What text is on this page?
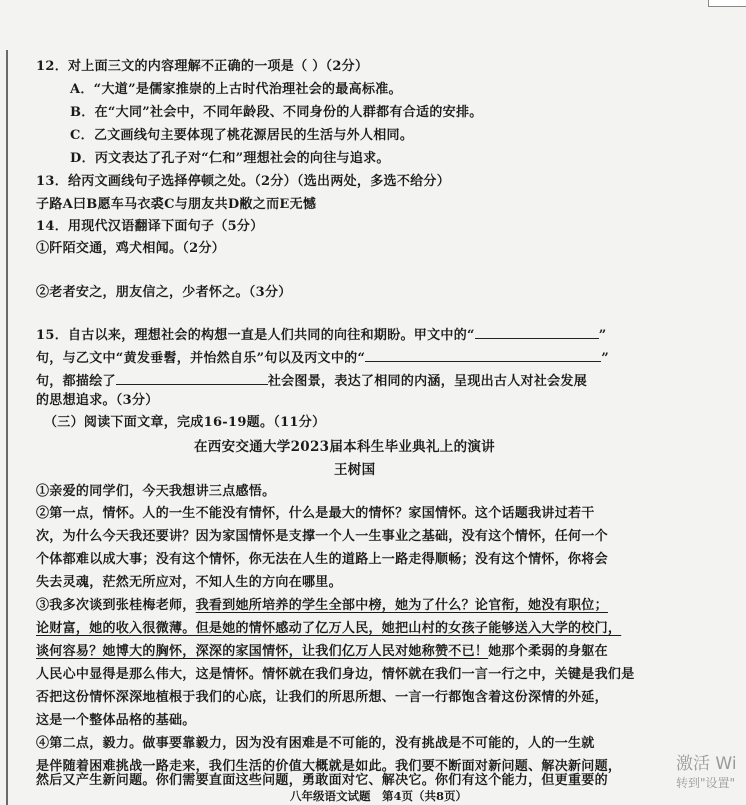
12．对上面三文的内容理解不正确的一项是（ ）（2分）
A．“大道”是儒家推崇的上古时代治理社会的最高标准。
B．在“大同”社会中，不同年龄段、不同身份的人群都有合适的安排。
C．乙文画线句主要体现了桃花源居民的生活与外人相同。
D．丙文表达了孔子对“仁和”理想社会的向往与追求。
13．给丙文画线句子选择停顿之处。（2分）（选出两处，多选不给分）
子路A曰B愿车马衣裘C与朋友共D敝之而E无憾
14．用现代汉语翻译下面句子（5分）
①阡陌交通，鸡犬相闻。（2分）
②老者安之，朋友信之，少者怀之。（3分）
15．自古以来，理想社会的构想一直是人们共同的向往和期盼。甲文中的“	”
句，与乙文中“黄发垂髫，并怡然自乐”句以及丙文中的“	”
句，都描绘了	社会图景，表达了相同的内涵，呈现出古人对社会发展
的思想追求。（3分）
（三）阅读下面文章，完成16-19题。（11分）
在西安交通大学2023届本科生毕业典礼上的演讲
王树国
①亲爱的同学们，今天我想讲三点感悟。
②第一点，情怀。人的一生不能没有情怀，什么是最大的情怀？家国情怀。这个话题我讲过若干
次，为什么今天我还要讲？因为家国情怀是支撑一个人一生事业之基础，没有这个情怀，任何一个
个体都难以成大事；没有这个情怀，你无法在人生的道路上一路走得顺畅；没有这个情怀，你将会
失去灵魂，茫然无所应对，不知人生的方向在哪里。
③我多次谈到张桂梅老师，我看到她所培养的学生全部中榜，她为了什么？论官衔，她没有职位；
论财富，她的收入很微薄。但是她的情怀感动了亿万人民，她把山村的女孩子能够送入大学的校门，
谈何容易？她博大的胸怀，深深的家国情怀，让我们亿万人民对她称赞不已！她那个柔弱的身躯在
人民心中显得是那么伟大，这是情怀。情怀就在我们身边，情怀就在我们一言一行之中，关键是我们是
否把这份情怀深深地植根于我们的心底，让我们的所思所想、一言一行都饱含着这份深情的外延，
这是一个整体品格的基础。
④第二点，毅力。做事要靠毅力，因为没有困难是不可能的，没有挑战是不可能的，人的一生就
是伴随着困难挑战一路走来，我们生活的价值大概就是如此。我们要不断面对新问题、解决新问题，
然后又产生新问题。你们需要直面这些问题，勇敢面对它、解决它。你们有这个能力，但更重要的
八年级语文试题　第4页（共8页）
激活 Wi
转到"设置"
